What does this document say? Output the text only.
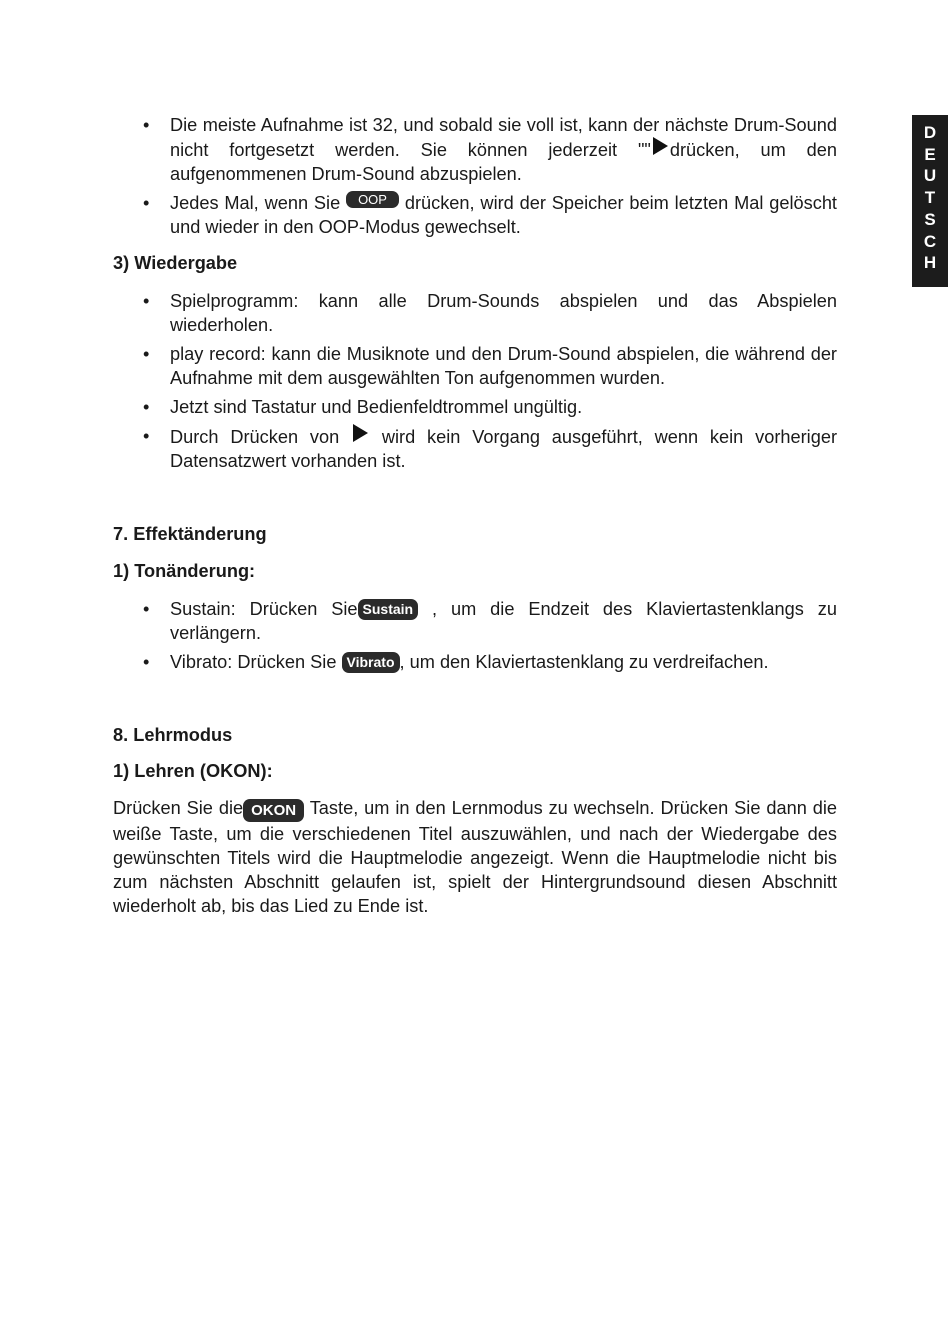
D
E
U
T
S
C
H
• Die meiste Aufnahme ist 32, und sobald sie voll ist, kann der nächste Drum-Sound nicht fortgesetzt werden. Sie können jederzeit "" drücken, um den aufgenommenen Drum-Sound abzuspielen.
• Jedes Mal, wenn Sie OOP drücken, wird der Speicher beim letzten Mal gelöscht und wieder in den OOP-Modus gewechselt.

3) Wiedergabe

• Spielprogramm: kann alle Drum-Sounds abspielen und das Abspielen wiederholen.
• play record: kann die Musiknote und den Drum-Sound abspielen, die während der Aufnahme mit dem ausgewählten Ton aufgenommen wurden.
• Jetzt sind Tastatur und Bedienfeldtrommel ungültig.
• Durch Drücken von wird kein Vorgang ausgeführt, wenn kein vorheriger Datensatzwert vorhanden ist.

7. Effektänderung

1) Tonänderung:

• Sustain: Drücken Sie Sustain , um die Endzeit des Klaviertastenklangs zu verlängern.
• Vibrato: Drücken Sie Vibrato , um den Klaviertastenklang zu verdreifachen.

8. Lehrmodus

1) Lehren (OKON):

Drücken Sie die OKON Taste, um in den Lernmodus zu wechseln. Drücken Sie dann die weiße Taste, um die verschiedenen Titel auszuwählen, und nach der Wiedergabe des gewünschten Titels wird die Hauptmelodie angezeigt. Wenn die Hauptmelodie nicht bis zum nächsten Abschnitt gelaufen ist, spielt der Hintergrundsound diesen Abschnitt wiederholt ab, bis das Lied zu Ende ist.
